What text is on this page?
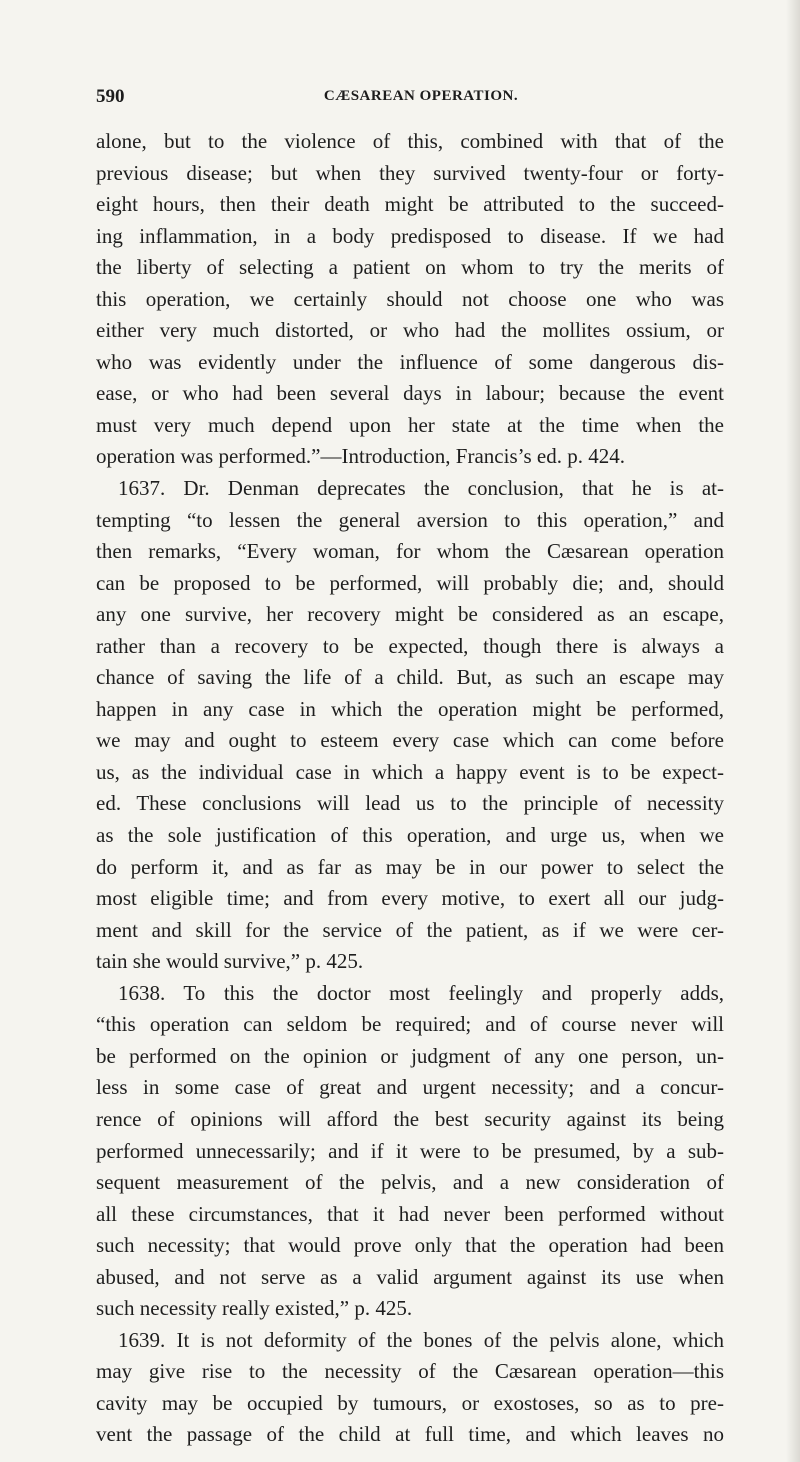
590	CÆSAREAN OPERATION.
alone, but to the violence of this, combined with that of the
previous disease; but when they survived twenty-four or forty-
eight hours, then their death might be attributed to the succeed-
ing inflammation, in a body predisposed to disease. If we had
the liberty of selecting a patient on whom to try the merits of
this operation, we certainly should not choose one who was
either very much distorted, or who had the mollites ossium, or
who was evidently under the influence of some dangerous dis-
ease, or who had been several days in labour; because the event
must very much depend upon her state at the time when the
operation was performed.”—Introduction, Francis’s ed. p. 424.
1637. Dr. Denman deprecates the conclusion, that he is at-
tempting “to lessen the general aversion to this operation,” and
then remarks, “Every woman, for whom the Cæsarean operation
can be proposed to be performed, will probably die; and, should
any one survive, her recovery might be considered as an escape,
rather than a recovery to be expected, though there is always a
chance of saving the life of a child. But, as such an escape may
happen in any case in which the operation might be performed,
we may and ought to esteem every case which can come before
us, as the individual case in which a happy event is to be expect-
ed. These conclusions will lead us to the principle of necessity
as the sole justification of this operation, and urge us, when we
do perform it, and as far as may be in our power to select the
most eligible time; and from every motive, to exert all our judg-
ment and skill for the service of the patient, as if we were cer-
tain she would survive,” p. 425.
1638. To this the doctor most feelingly and properly adds,
“this operation can seldom be required; and of course never will
be performed on the opinion or judgment of any one person, un-
less in some case of great and urgent necessity; and a concur-
rence of opinions will afford the best security against its being
performed unnecessarily; and if it were to be presumed, by a sub-
sequent measurement of the pelvis, and a new consideration of
all these circumstances, that it had never been performed without
such necessity; that would prove only that the operation had been
abused, and not serve as a valid argument against its use when
such necessity really existed,” p. 425.
1639. It is not deformity of the bones of the pelvis alone, which
may give rise to the necessity of the Cæsarean operation—this
cavity may be occupied by tumours, or exostoses, so as to pre-
vent the passage of the child at full time, and which leaves no
